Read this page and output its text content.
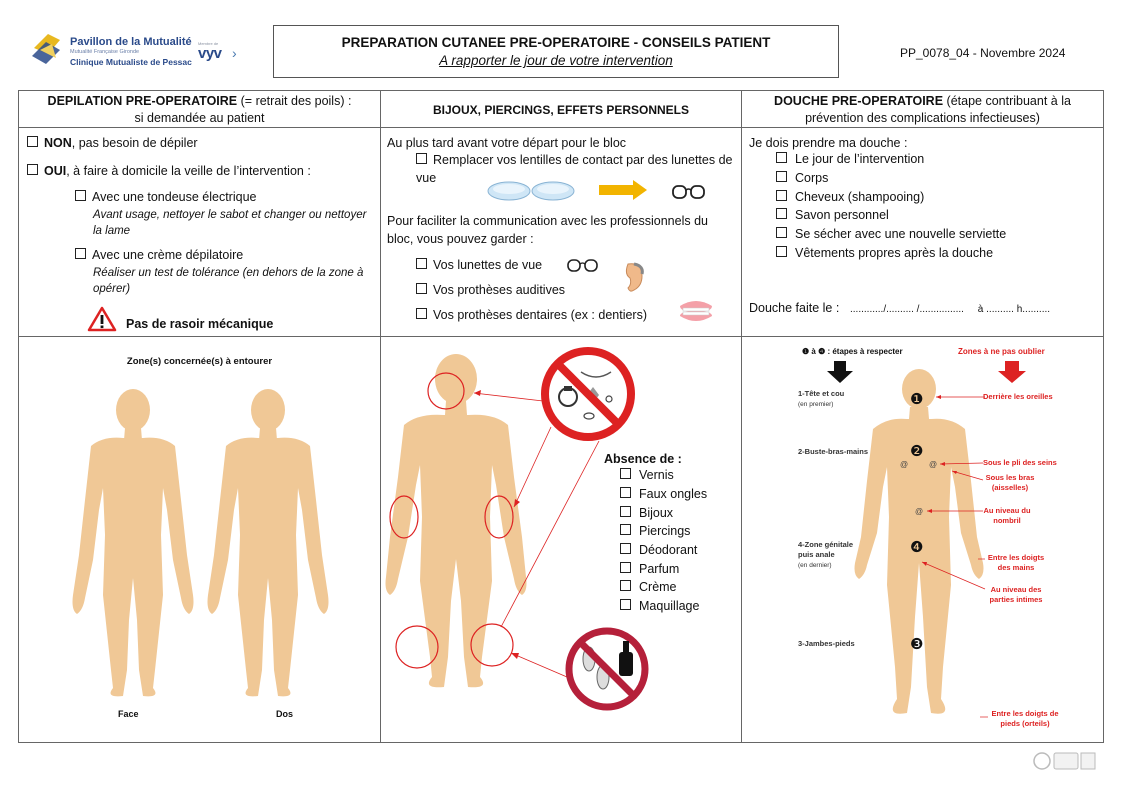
Pavillon de la Mutualité
Mutualité Française Gironde
Clinique Mutualiste de Pessac
Membre de
vyv ›
PREPARATION CUTANEE PRE-OPERATOIRE - CONSEILS PATIENT
A rapporter le jour de votre intervention	PP_0078_04 - Novembre 2024
DEPILATION PRE-OPERATOIRE (= retrait des poils) :
si demandée au patient
BIJOUX, PIERCINGS, EFFETS PERSONNELS
DOUCHE PRE-OPERATOIRE (étape contribuant à la
prévention des complications infectieuses)
NON, pas besoin de dépiler
OUI, à faire à domicile la veille de l’intervention :
Avec une tondeuse électrique
Avant usage, nettoyer le sabot et changer ou nettoyer la lame
Avec une crème dépilatoire
Réaliser un test de tolérance (en dehors de la zone à opérer)
Pas de rasoir mécanique
Au plus tard avant votre départ pour le bloc
Remplacer vos lentilles de contact par des lunettes de vue
Pour faciliter la communication avec les professionnels du bloc, vous pouvez garder :
Vos lunettes de vue
Vos prothèses auditives
Vos prothèses dentaires (ex : dentiers)
Je dois prendre ma douche :
Le jour de l’intervention
Corps
Cheveux (shampooing)
Savon personnel
Se sécher avec une nouvelle serviette
Vêtements propres après la douche
Douche faite le : ............/.......... /................     à .......... h..........
Zone(s) concernée(s) à entourer
Face	Dos
Absence de :
Vernis
Faux ongles
Bijoux
Piercings
Déodorant
Parfum
Crème
Maquillage
❶ à ❹ : étapes à respecter	Zones à ne pas oublier
@	@
@
❶
❷
❸
❹
1-Tête et cou
(en premier)
2-Buste-bras-mains
4-Zone génitale puis anale
(en dernier)
3-Jambes-pieds
Derrière les oreilles
Sous le pli des seins
Sous les bras (aisselles)
Au niveau du nombril
Entre les doigts des mains
Au niveau des parties intimes
Entre les doigts de pieds (orteils)
